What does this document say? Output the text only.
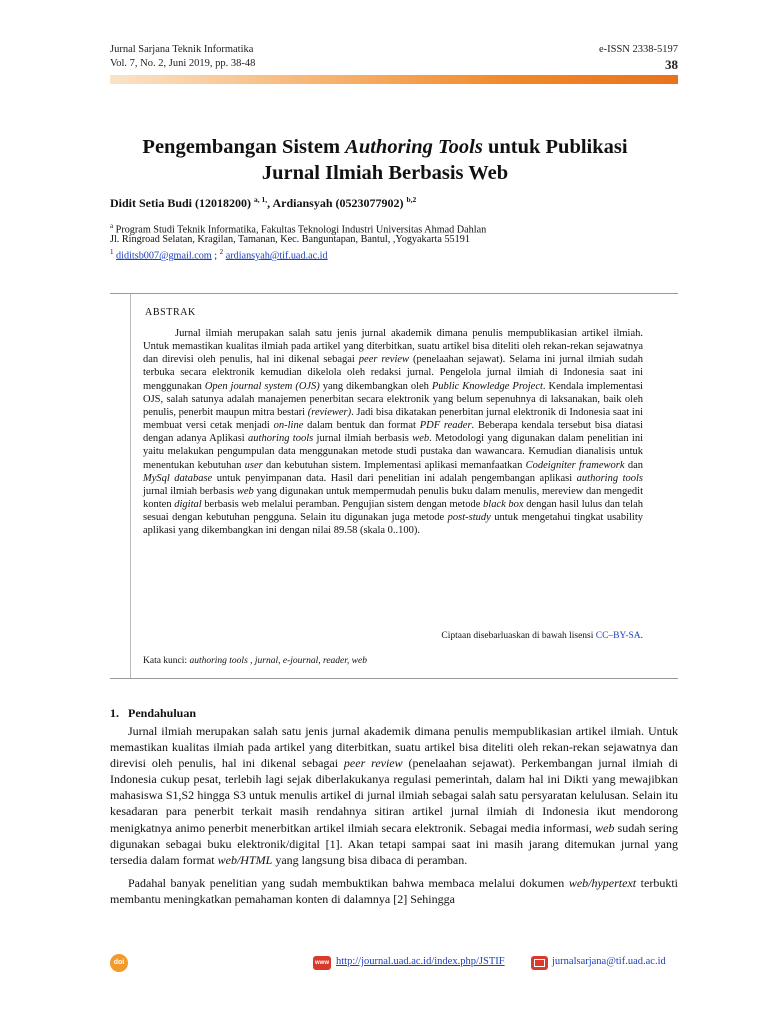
Jurnal Sarjana Teknik Informatika
Vol. 7, No. 2, Juni 2019, pp. 38-48
e-ISSN 2338-5197
38
Pengembangan Sistem Authoring Tools untuk Publikasi
Jurnal Ilmiah Berbasis Web
Didit Setia Budi (12018200) $^{a, 1,}$, Ardiansyah (0523077902) $^{b,2}$
$^a$ Program Studi Teknik Informatika, Fakultas Teknologi Industri Universitas Ahmad Dahlan
Jl. Ringroad Selatan, Kragilan, Tamanan, Kec. Banguntapan, Bantul, ,Yogyakarta 55191
$^1$ diditsb007@gmail.com ; $^2$ ardiansyah@tif.uad.ac.id
ABSTRAK

Jurnal ilmiah merupakan salah satu jenis jurnal akademik dimana penulis mempublikasian artikel ilmiah. Untuk memastikan kualitas ilmiah pada artikel yang diterbitkan, suatu artikel bisa diteliti oleh rekan-rekan sejawatnya dan direvisi oleh penulis, hal ini dikenal sebagai peer review (penelaahan sejawat). Selama ini jurnal ilmiah sudah terbuka secara elektronik kemudian dikelola oleh redaksi jurnal. Pengelola jurnal ilmiah di Indonesia saat ini menggunakan Open journal system (OJS) yang dikembangkan oleh Public Knowledge Project. Kendala implementasi OJS, salah satunya adalah manajemen penerbitan secara elektronik yang belum sepenuhnya di laksanakan, baik oleh penulis, penerbit maupun mitra bestari (reviewer). Jadi bisa dikatakan penerbitan jurnal elektronik di Indonesia saat ini membuat versi cetak menjadi on-line dalam bentuk dan format PDF reader. Beberapa kendala tersebut bisa diatasi dengan adanya Aplikasi authoring tools jurnal ilmiah berbasis web. Metodologi yang digunakan dalam penelitian ini yaitu melakukan pengumpulan data menggunakan metode studi pustaka dan wawancara. Kemudian dianalisis untuk menentukan kebutuhan user dan kebutuhan sistem. Implementasi aplikasi memanfaatkan Codeigniter framework dan MySql database untuk penyimpanan data. Hasil dari penelitian ini adalah pengembangan aplikasi authoring tools jurnal ilmiah berbasis web yang digunakan untuk mempermudah penulis buku dalam menulis, mereview dan mengedit konten digital berbasis web melalui peramban. Pengujian sistem dengan metode black box dengan hasil lulus dan telah sesuai dengan kebutuhan pengguna. Selain itu digunakan juga metode post-study untuk mengetahui tingkat usability aplikasi yang dikembangkan ini dengan nilai 89.58 (skala 0..100).

Ciptaan disebarluaskan di bawah lisensi CC–BY-SA.
Kata kunci: authoring tools , jurnal, e-journal, reader, web
1.   Pendahuluan

Jurnal ilmiah merupakan salah satu jenis jurnal akademik dimana penulis mempublikasian artikel ilmiah. Untuk memastikan kualitas ilmiah pada artikel yang diterbitkan, suatu artikel bisa diteliti oleh rekan-rekan sejawatnya dan direvisi oleh penulis, hal ini dikenal sebagai peer review (penelaahan sejawat). Perkembangan jurnal ilmiah di Indonesia cukup pesat, terlebih lagi sejak diberlakukanya regulasi pemerintah, dalam hal ini Dikti yang mewajibkan mahasiswa S1,S2 hingga S3 untuk menulis artikel di jurnal ilmiah sebagai salah satu persyaratan kelulusan. Selain itu kesadaran para penerbit terkait masih rendahnya sitiran artikel jurnal ilmiah di Indonesia ikut mendorong menigkatnya animo penerbit menerbitkan artikel ilmiah secara elektronik. Sebagai media informasi, web sudah sering digunakan sebagai buku elektronik/digital [1]. Akan tetapi sampai saat ini masih jarang ditemukan jurnal yang tersedia dalam format web/HTML yang langsung bisa dibaca di peramban.

Padahal banyak penelitian yang sudah membuktikan bahwa membaca melalui dokumen web/hypertext terbukti membantu meningkatkan pemahaman konten di dalamnya [2] Sehingga

doi	www http://journal.uad.ac.id/index.php/JSTIF	jurnalsarjana@tif.uad.ac.id
